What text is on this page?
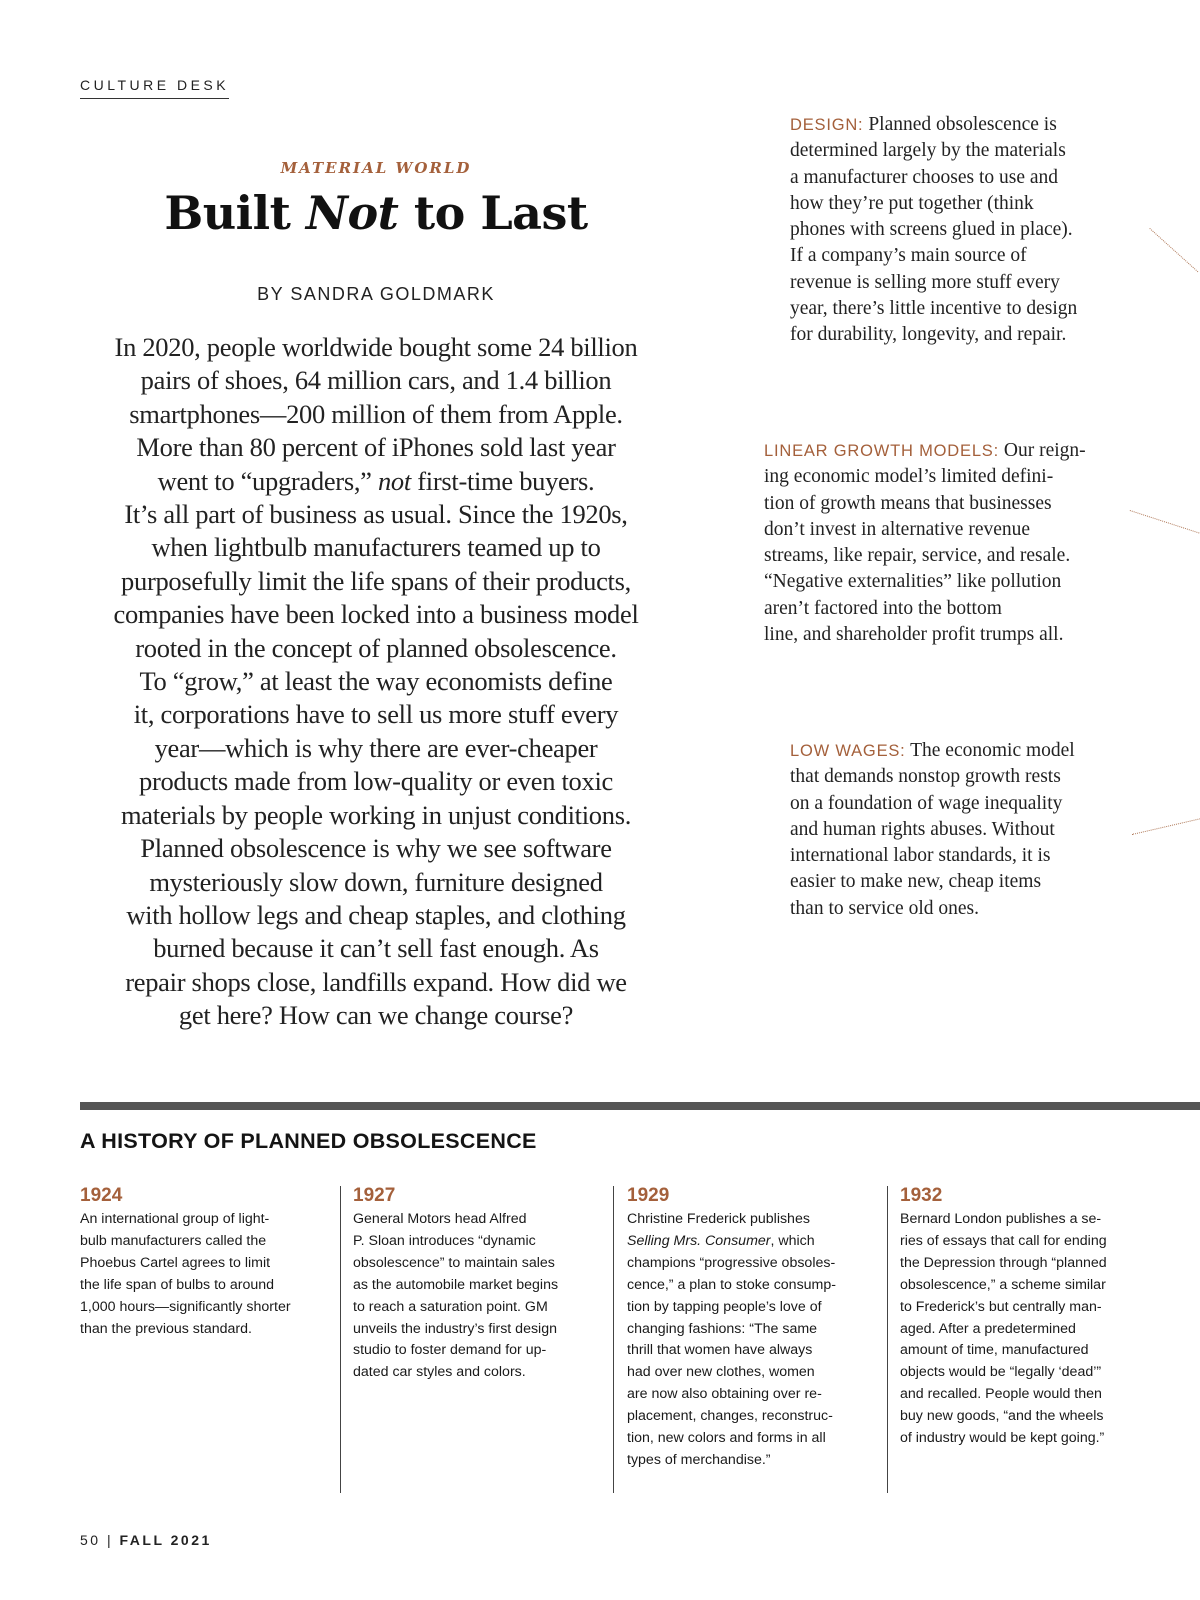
CULTURE DESK
MATERIAL WORLD
Built Not to Last
BY SANDRA GOLDMARK
In 2020, people worldwide bought some 24 billion
pairs of shoes, 64 million cars, and 1.4 billion
smartphones—200 million of them from Apple.
More than 80 percent of iPhones sold last year
went to “upgraders,” not first-time buyers.
It’s all part of business as usual. Since the 1920s,
when lightbulb manufacturers teamed up to
purposefully limit the life spans of their products,
companies have been locked into a business model
rooted in the concept of planned obsolescence.
To “grow,” at least the way economists define
it, corporations have to sell us more stuff every
year—which is why there are ever-cheaper
products made from low-quality or even toxic
materials by people working in unjust conditions.
Planned obsolescence is why we see software
mysteriously slow down, furniture designed
with hollow legs and cheap staples, and clothing
burned because it can’t sell fast enough. As
repair shops close, landfills expand. How did we
get here? How can we change course?
DESIGN: Planned obsolescence is
determined largely by the materials
a manufacturer chooses to use and
how they’re put together (think
phones with screens glued in place).
If a company’s main source of
revenue is selling more stuff every
year, there’s little incentive to design
for durability, longevity, and repair.
LINEAR GROWTH MODELS: Our reign-
ing economic model’s limited defini-
tion of growth means that businesses
don’t invest in alternative revenue
streams, like repair, service, and resale.
“Negative externalities” like pollution
aren’t factored into the bottom
line, and shareholder profit trumps all.
LOW WAGES: The economic model
that demands nonstop growth rests
on a foundation of wage inequality
and human rights abuses. Without
international labor standards, it is
easier to make new, cheap items
than to service old ones.
A HISTORY OF PLANNED OBSOLESCENCE
1924
An international group of light-
bulb manufacturers called the
Phoebus Cartel agrees to limit
the life span of bulbs to around
1,000 hours—significantly shorter
than the previous standard.
1927
General Motors head Alfred
P. Sloan introduces “dynamic
obsolescence” to maintain sales
as the automobile market begins
to reach a saturation point. GM
unveils the industry’s first design
studio to foster demand for up-
dated car styles and colors.
1929
Christine Frederick publishes
Selling Mrs. Consumer, which
champions “progressive obsoles-
cence,” a plan to stoke consump-
tion by tapping people’s love of
changing fashions: “The same
thrill that women have always
had over new clothes, women
are now also obtaining over re-
placement, changes, reconstruc-
tion, new colors and forms in all
types of merchandise.”
1932
Bernard London publishes a se-
ries of essays that call for ending
the Depression through “planned
obsolescence,” a scheme similar
to Frederick’s but centrally man-
aged. After a predetermined
amount of time, manufactured
objects would be “legally ‘dead’”
and recalled. People would then
buy new goods, “and the wheels
of industry would be kept going.”
50 | FALL 2021
